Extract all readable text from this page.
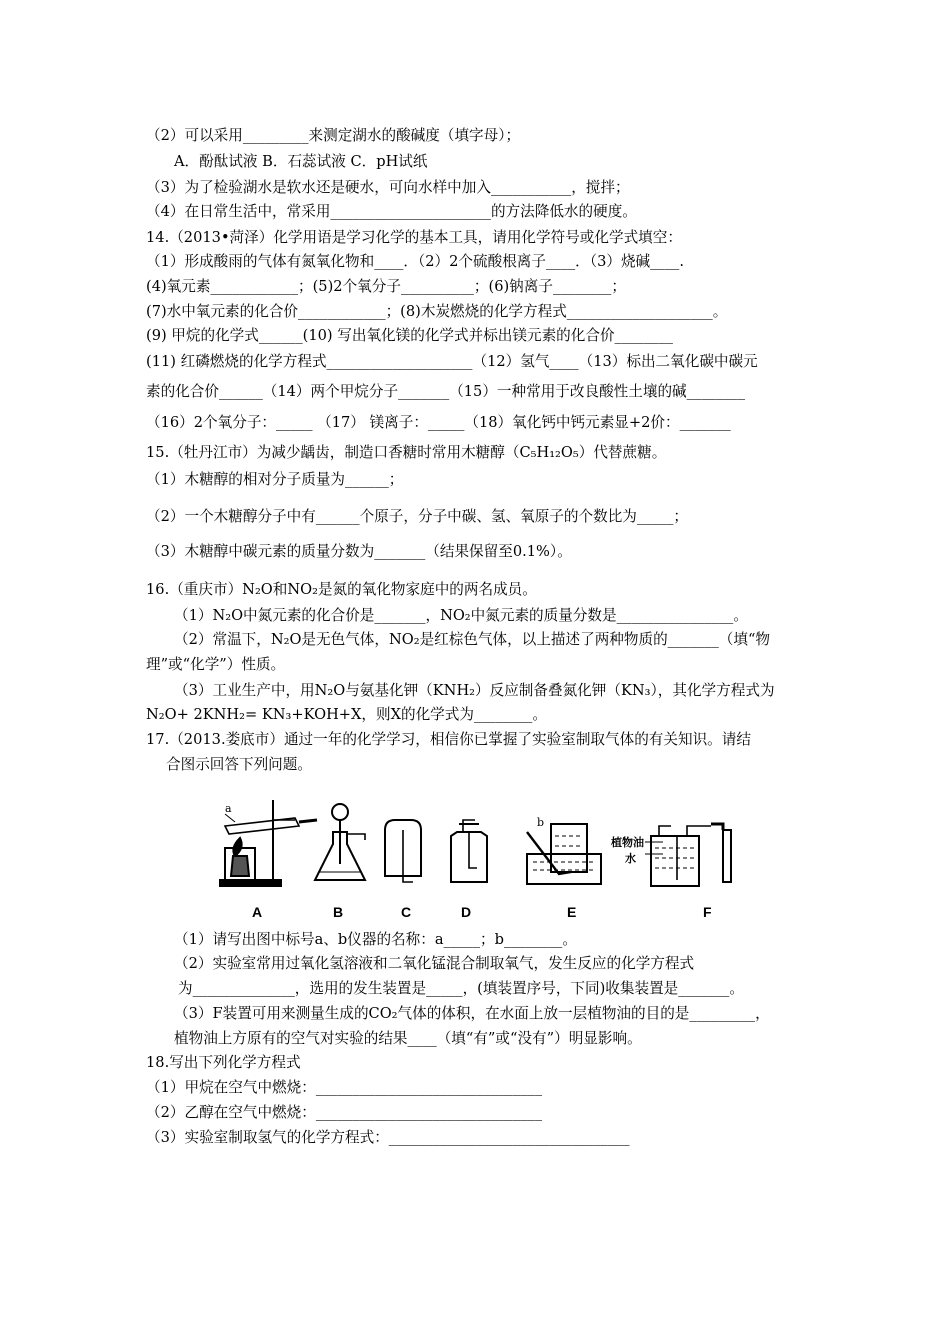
（2）可以采用_________来测定湖水的酸碱度（填字母）；
A．酚酞试液 B．石蕊试液 C．pH试纸
（3）为了检验湖水是软水还是硬水，可向水样中加入___________，搅拌；
（4）在日常生活中，常采用______________________的方法降低水的硬度。
14.（2013•菏泽）化学用语是学习化学的基本工具，请用化学符号或化学式填空：
（1）形成酸雨的气体有氮氧化物和____．（2）2个硫酸根离子____．（3）烧碱____.
(4)氧元素____________；(5)2个氧分子__________；(6)钠离子________；
(7)水中氧元素的化合价____________；(8)木炭燃烧的化学方程式____________________。
(9) 甲烷的化学式______(10) 写出氧化镁的化学式并标出镁元素的化合价________
(11) 红磷燃烧的化学方程式____________________（12）氢气____（13）标出二氧化碳中碳元
素的化合价______（14）两个甲烷分子_______（15）一种常用于改良酸性土壤的碱________
（16）2个氧分子：_____ （17） 镁离子：_____（18）氧化钙中钙元素显+2价：_______
15.（牡丹江市）为减少龋齿，制造口香糖时常用木糖醇（C₅H₁₂O₅）代替蔗糖。
（1）木糖醇的相对分子质量为______；
（2）一个木糖醇分子中有______个原子，分子中碳、氢、氧原子的个数比为_____；
（3）木糖醇中碳元素的质量分数为_______（结果保留至0.1%）。
16.（重庆市）N₂O和NO₂是氮的氧化物家庭中的两名成员。
（1）N₂O中氮元素的化合价是_______，NO₂中氮元素的质量分数是________________。
（2）常温下，N₂O是无色气体，NO₂是红棕色气体，以上描述了两种物质的_______（填“物
理”或“化学”）性质。
（3）工业生产中，用N₂O与氨基化钾（KNH₂）反应制备叠氮化钾（KN₃），其化学方程式为
N₂O+ 2KNH₂= KN₃+KOH+X，则X的化学式为________。
17.（2013.娄底市）通过一年的化学学习，相信你已掌握了实验室制取气体的有关知识。请结
合图示回答下列问题。
a
b
植物油
水
A	B	C	D	E	F
（1）请写出图中标号a、b仪器的名称：a_____；b________。
（2）实验室常用过氧化氢溶液和二氧化锰混合制取氧气，发生反应的化学方程式
为______________，选用的发生装置是_____，(填装置序号，下同)收集装置是_______。
（3）F装置可用来测量生成的CO₂气体的体积，在水面上放一层植物油的目的是_________，
植物油上方原有的空气对实验的结果____（填“有”或“没有”）明显影响。
18.写出下列化学方程式
（1）甲烷在空气中燃烧：_______________________________
（2）乙醇在空气中燃烧：_______________________________
（3）实验室制取氢气的化学方程式：_________________________________
